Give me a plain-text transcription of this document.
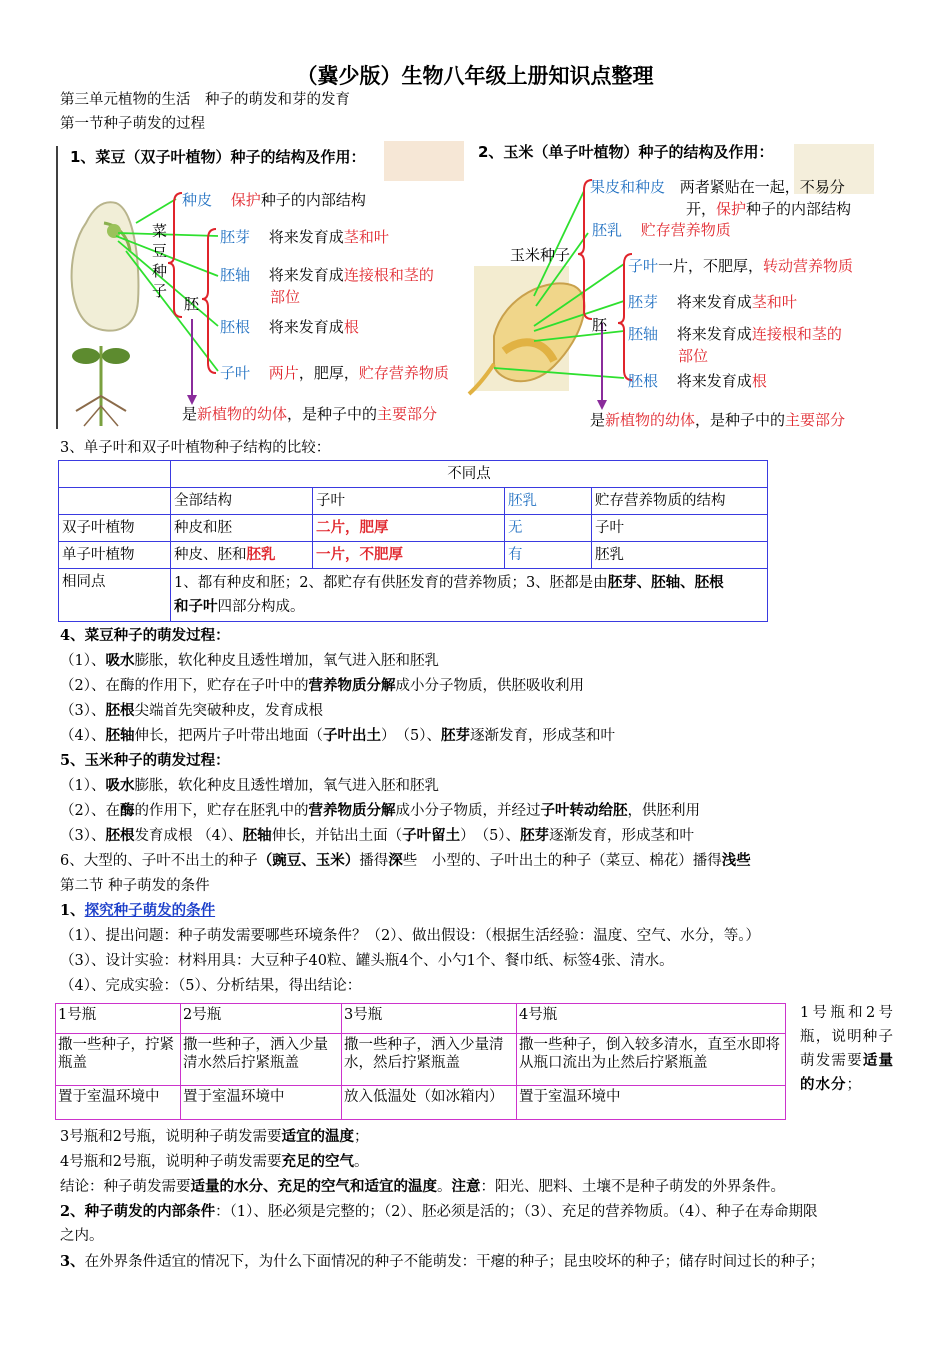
（冀少版）生物八年级上册知识点整理
第三单元植物的生活　种子的萌发和芽的发育
第一节种子萌发的过程
1、菜豆（双子叶植物）种子的结构及作用：
菜
豆
种
子
胚
种皮 保护种子的内部结构
胚芽 将来发育成茎和叶
胚轴 将来发育成连接根和茎的
部位
胚根 将来发育成根
子叶 两片，肥厚，贮存营养物质
是新植物的幼体，是种子中的主要部分
2、玉米（单子叶植物）种子的结构及作用：
玉米种子
胚
果皮和种皮 两者紧贴在一起，不易分
开，保护种子的内部结构
胚乳 贮存营养物质
子叶一片，不肥厚，转动营养物质
胚芽 将来发育成茎和叶
胚轴 将来发育成连接根和茎的
部位
胚根 将来发育成根
是新植物的幼体，是种子中的主要部分
3、单子叶和双子叶植物种子结构的比较：
	不同点			
	全部结构	子叶	胚乳	贮存营养物质的结构
双子叶植物	种皮和胚	二片，肥厚	无	子叶
单子叶植物	种皮、胚和胚乳	一片，不肥厚	有	胚乳
相同点	1、都有种皮和胚；2、都贮存有供胚发育的营养物质；3、胚都是由胚芽、胚轴、胚根
和子叶四部分构成。			
4、菜豆种子的萌发过程：
（1）、吸水膨胀，软化种皮且透性增加，氧气进入胚和胚乳
（2）、在酶的作用下，贮存在子叶中的营养物质分解成小分子物质，供胚吸收利用
（3）、胚根尖端首先突破种皮，发育成根
（4）、胚轴伸长，把两片子叶带出地面（子叶出土）　（5）、胚芽逐渐发育，形成茎和叶
5、玉米种子的萌发过程：
（1）、吸水膨胀，软化种皮且透性增加，氧气进入胚和胚乳
（2）、在酶的作用下，贮存在胚乳中的营养物质分解成小分子物质，并经过子叶转动给胚，供胚利用
（3）、胚根发育成根 （4）、胚轴伸长，并钻出土面（子叶留土）　（5）、胚芽逐渐发育，形成茎和叶
6、大型的、子叶不出土的种子（豌豆、玉米）播得深些　小型的、子叶出土的种子（菜豆、棉花）播得浅些
第二节 种子萌发的条件
1、探究种子萌发的条件
（1）、提出问题：种子萌发需要哪些环境条件？（2）、做出假设：（根据生活经验：温度、空气、水分，等。）
（3）、设计实验：材料用具：大豆种子40粒、罐头瓶4个、小勺1个、餐巾纸、标签4张、清水。
（4）、完成实验：（5）、分析结果，得出结论：
1号瓶	2号瓶	3号瓶	4号瓶
撒一些种子，拧紧瓶盖	撒一些种子，洒入少量清水然后拧紧瓶盖	撒一些种子，洒入少量清水，然后拧紧瓶盖	撒一些种子，倒入较多清水，直至水即将从瓶口流出为止然后拧紧瓶盖
置于室温环境中	置于室温环境中	放入低温处（如冰箱内）	置于室温环境中
1号瓶和2号瓶，说明种子萌发需要适量的水分；
3号瓶和2号瓶，说明种子萌发需要适宜的温度；
4号瓶和2号瓶，说明种子萌发需要充足的空气。
结论：种子萌发需要适量的水分、充足的空气和适宜的温度。注意：阳光、肥料、土壤不是种子萌发的外界条件。
2、种子萌发的内部条件：（1）、胚必须是完整的；（2）、胚必须是活的；（3）、充足的营养物质。（4）、种子在寿命期限
之内。
3、在外界条件适宜的情况下，为什么下面情况的种子不能萌发：干瘪的种子；昆虫咬坏的种子；储存时间过长的种子；
